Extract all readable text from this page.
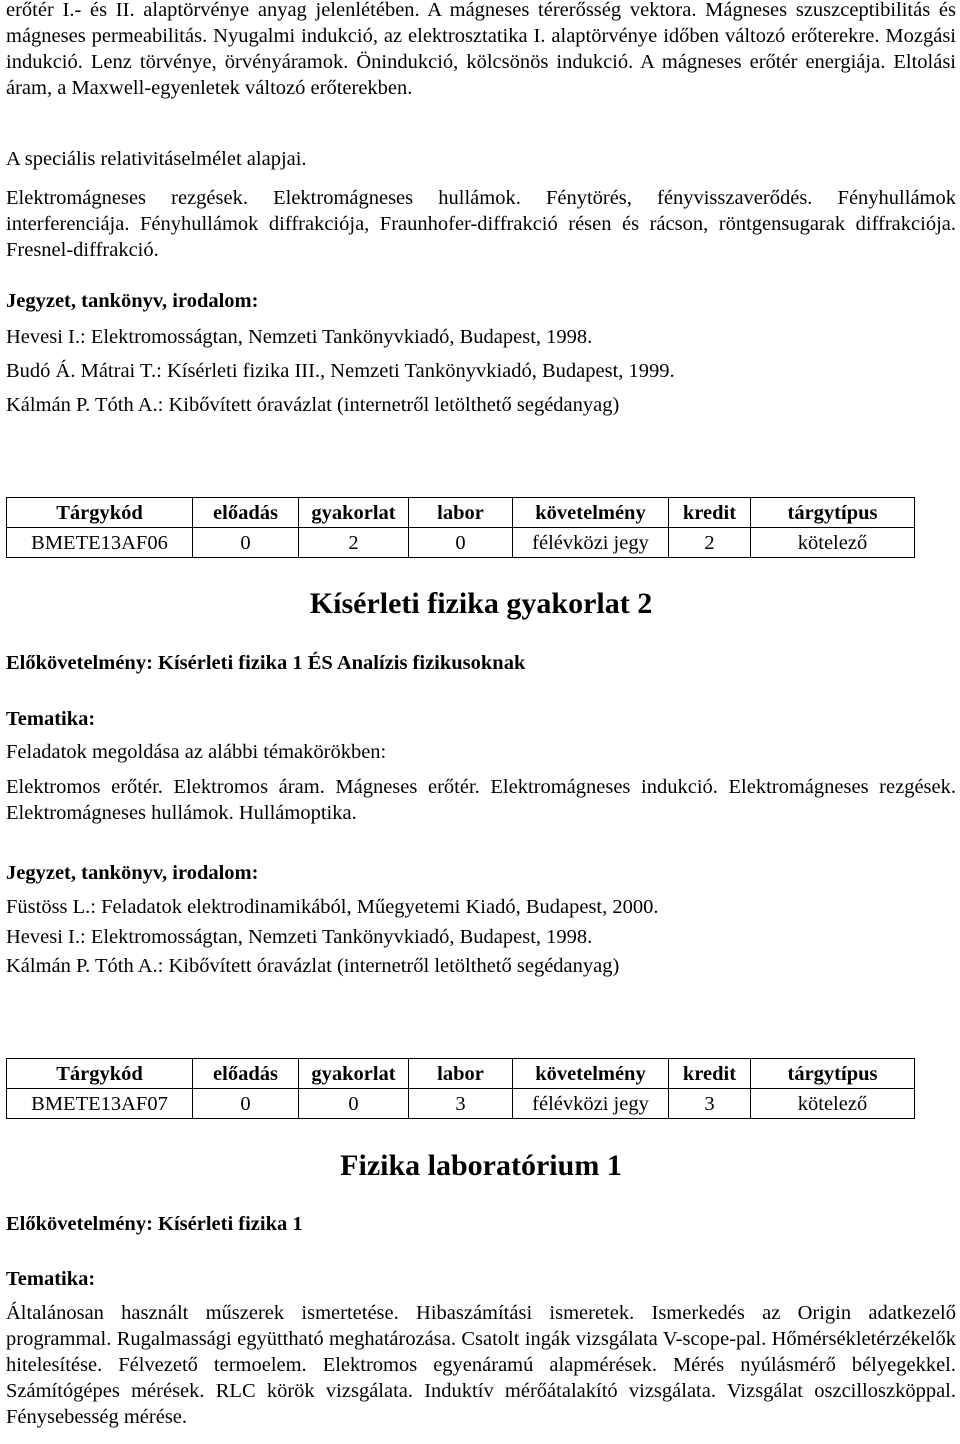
erőtér I.- és II. alaptörvénye anyag jelenlétében. A mágneses térerősség vektora. Mágneses szuszceptibilitás és mágneses permeabilitás. Nyugalmi indukció, az elektrosztatika I. alaptörvénye időben változó erőterekre. Mozgási indukció. Lenz törvénye, örvényáramok. Önindukció, kölcsönös indukció. A mágneses erőtér energiája. Eltolási áram, a Maxwell-egyenletek változó erőterekben.

A speciális relativitáselmélet alapjai.

Elektromágneses rezgések. Elektromágneses hullámok. Fénytörés, fényvisszaverődés. Fényhullámok interferenciája. Fényhullámok diffrakciója, Fraunhofer-diffrakció résen és rácson, röntgensugarak diffrakciója. Fresnel-diffrakció.

Jegyzet, tankönyv, irodalom:

Hevesi I.: Elektromosságtan, Nemzeti Tankönyvkiadó, Budapest, 1998.

Budó Á. Mátrai T.: Kísérleti fizika III., Nemzeti Tankönyvkiadó, Budapest, 1999.

Kálmán P. Tóth A.: Kibővített óravázlat (internetről letölthető segédanyag)

Tárgykód	előadás	gyakorlat	labor	követelmény	kredit	tárgytípus
BMETE13AF06	0	2	0	félévközi jegy	2	kötelező
Kísérleti fizika gyakorlat 2

Előkövetelmény: Kísérleti fizika 1 ÉS Analízis fizikusoknak

Tematika:

Feladatok megoldása az alábbi témakörökben:

Elektromos erőtér. Elektromos áram. Mágneses erőtér. Elektromágneses indukció. Elektromágneses rezgések. Elektromágneses hullámok. Hullámoptika.

Jegyzet, tankönyv, irodalom:

Füstöss L.: Feladatok elektrodinamikából, Műegyetemi Kiadó, Budapest, 2000.

Hevesi I.: Elektromosságtan, Nemzeti Tankönyvkiadó, Budapest, 1998.

Kálmán P. Tóth A.: Kibővített óravázlat (internetről letölthető segédanyag)

Tárgykód	előadás	gyakorlat	labor	követelmény	kredit	tárgytípus
BMETE13AF07	0	0	3	félévközi jegy	3	kötelező
Fizika laboratórium 1

Előkövetelmény: Kísérleti fizika 1

Tematika:

Általánosan használt műszerek ismertetése. Hibaszámítási ismeretek. Ismerkedés az Origin adatkezelő programmal. Rugalmassági együttható meghatározása. Csatolt ingák vizsgálata V-scope-pal. Hőmérsékletérzékelők hitelesítése. Félvezető termoelem. Elektromos egyenáramú alapmérések. Mérés nyúlásmérő bélyegekkel. Számítógépes mérések. RLC körök vizsgálata. Induktív mérőátalakító vizsgálata. Vizsgálat oszcilloszköppal. Fénysebesség mérése.
